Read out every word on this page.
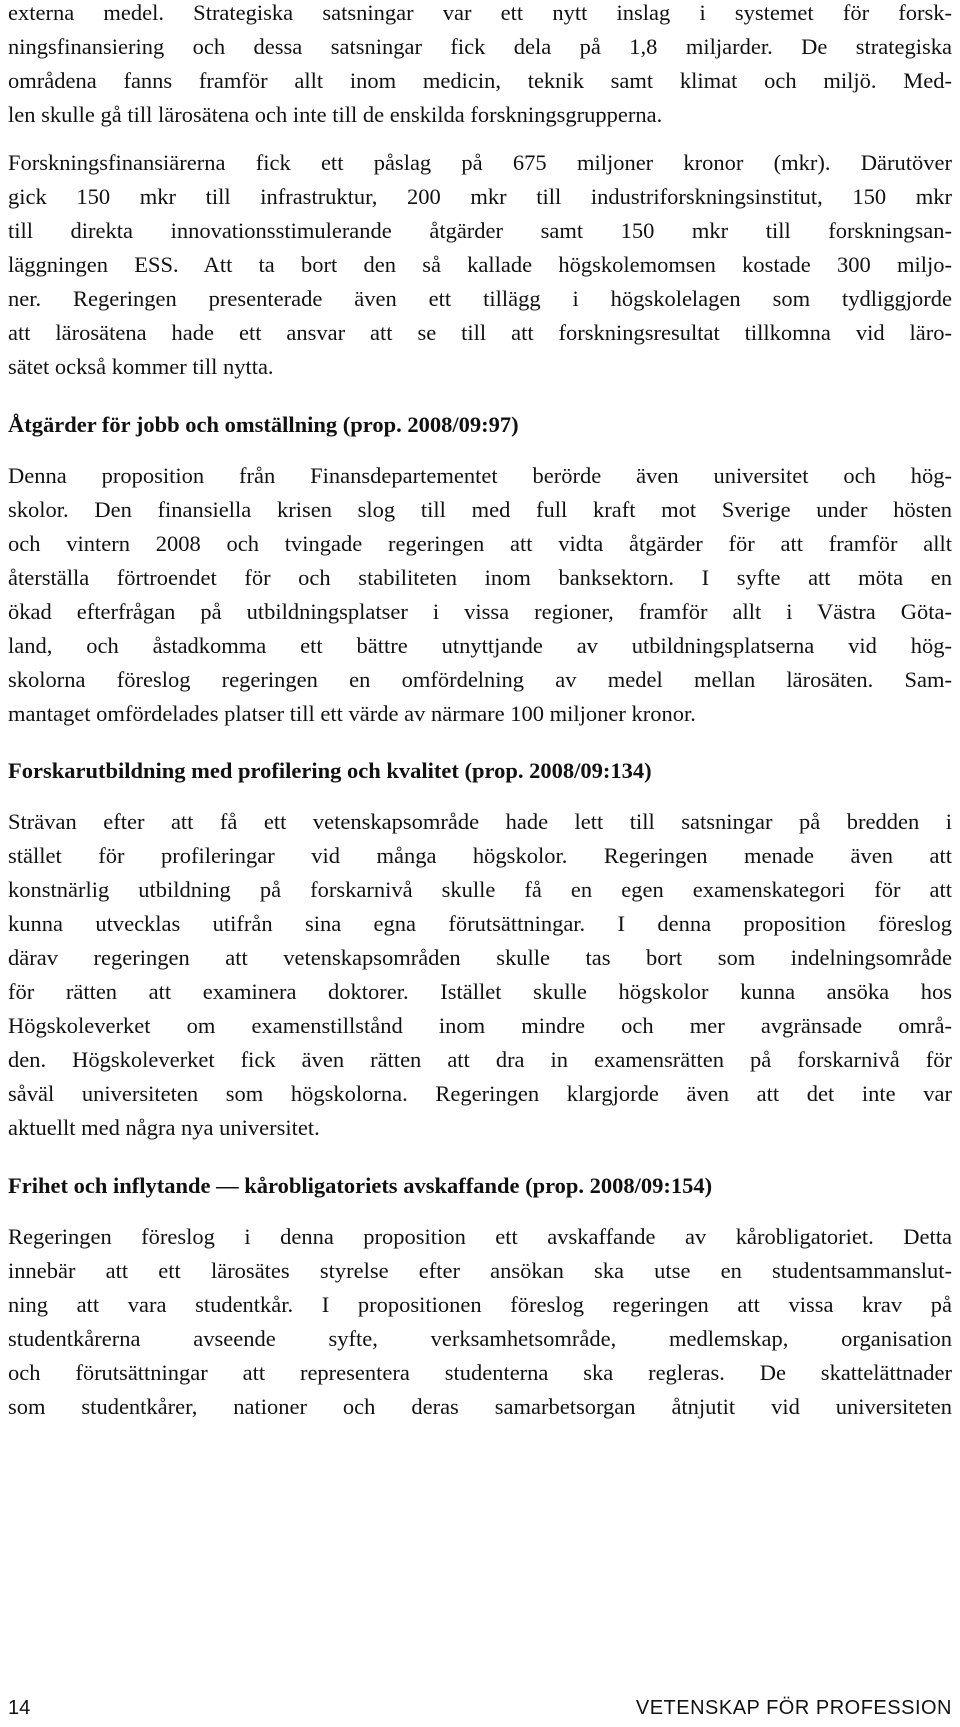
externa medel. Strategiska satsningar var ett nytt inslag i systemet för forsk-
ningsfinansiering och dessa satsningar fick dela på 1,8 miljarder. De strategiska
områdena fanns framför allt inom medicin, teknik samt klimat och miljö. Med-
len skulle gå till lärosätena och inte till de enskilda forskningsgrupperna.
Forskningsfinansiärerna fick ett påslag på 675 miljoner kronor (mkr). Därutöver
gick 150 mkr till infrastruktur, 200 mkr till industriforskningsinstitut, 150 mkr
till direkta innovationsstimulerande åtgärder samt 150 mkr till forskningsan-
läggningen ESS. Att ta bort den så kallade högskolemomsen kostade 300 miljo-
ner. Regeringen presenterade även ett tillägg i högskolelagen som tydliggjorde
att lärosätena hade ett ansvar att se till att forskningsresultat tillkomna vid läro-
sätet också kommer till nytta.
Åtgärder för jobb och omställning (prop. 2008/09:97)
Denna proposition från Finansdepartementet berörde även universitet och hög-
skolor. Den finansiella krisen slog till med full kraft mot Sverige under hösten
och vintern 2008 och tvingade regeringen att vidta åtgärder för att framför allt
återställa förtroendet för och stabiliteten inom banksektorn. I syfte att möta en
ökad efterfrågan på utbildningsplatser i vissa regioner, framför allt i Västra Göta-
land, och åstadkomma ett bättre utnyttjande av utbildningsplatserna vid hög-
skolorna föreslog regeringen en omfördelning av medel mellan lärosäten. Sam-
mantaget omfördelades platser till ett värde av närmare 100 miljoner kronor.
Forskarutbildning med profilering och kvalitet (prop. 2008/09:134)
Strävan efter att få ett vetenskapsområde hade lett till satsningar på bredden i
stället för profileringar vid många högskolor. Regeringen menade även att
konstnärlig utbildning på forskarnivå skulle få en egen examenskategori för att
kunna utvecklas utifrån sina egna förutsättningar. I denna proposition föreslog
därav regeringen att vetenskapsområden skulle tas bort som indelningsområde
för rätten att examinera doktorer. Istället skulle högskolor kunna ansöka hos
Högskoleverket om examenstillstånd inom mindre och mer avgränsade områ-
den. Högskoleverket fick även rätten att dra in examensrätten på forskarnivå för
såväl universiteten som högskolorna. Regeringen klargjorde även att det inte var
aktuellt med några nya universitet.
Frihet och inflytande — kårobligatoriets avskaffande (prop. 2008/09:154)
Regeringen föreslog i denna proposition ett avskaffande av kårobligatoriet. Detta
innebär att ett lärosätes styrelse efter ansökan ska utse en studentsammanslut-
ning att vara studentkår. I propositionen föreslog regeringen att vissa krav på
studentkårerna avseende syfte, verksamhetsområde, medlemskap, organisation
och förutsättningar att representera studenterna ska regleras. De skattelättnader
som studentkårer, nationer och deras samarbetsorgan åtnjutit vid universiteten
14	VETENSKAP FÖR PROFESSION
